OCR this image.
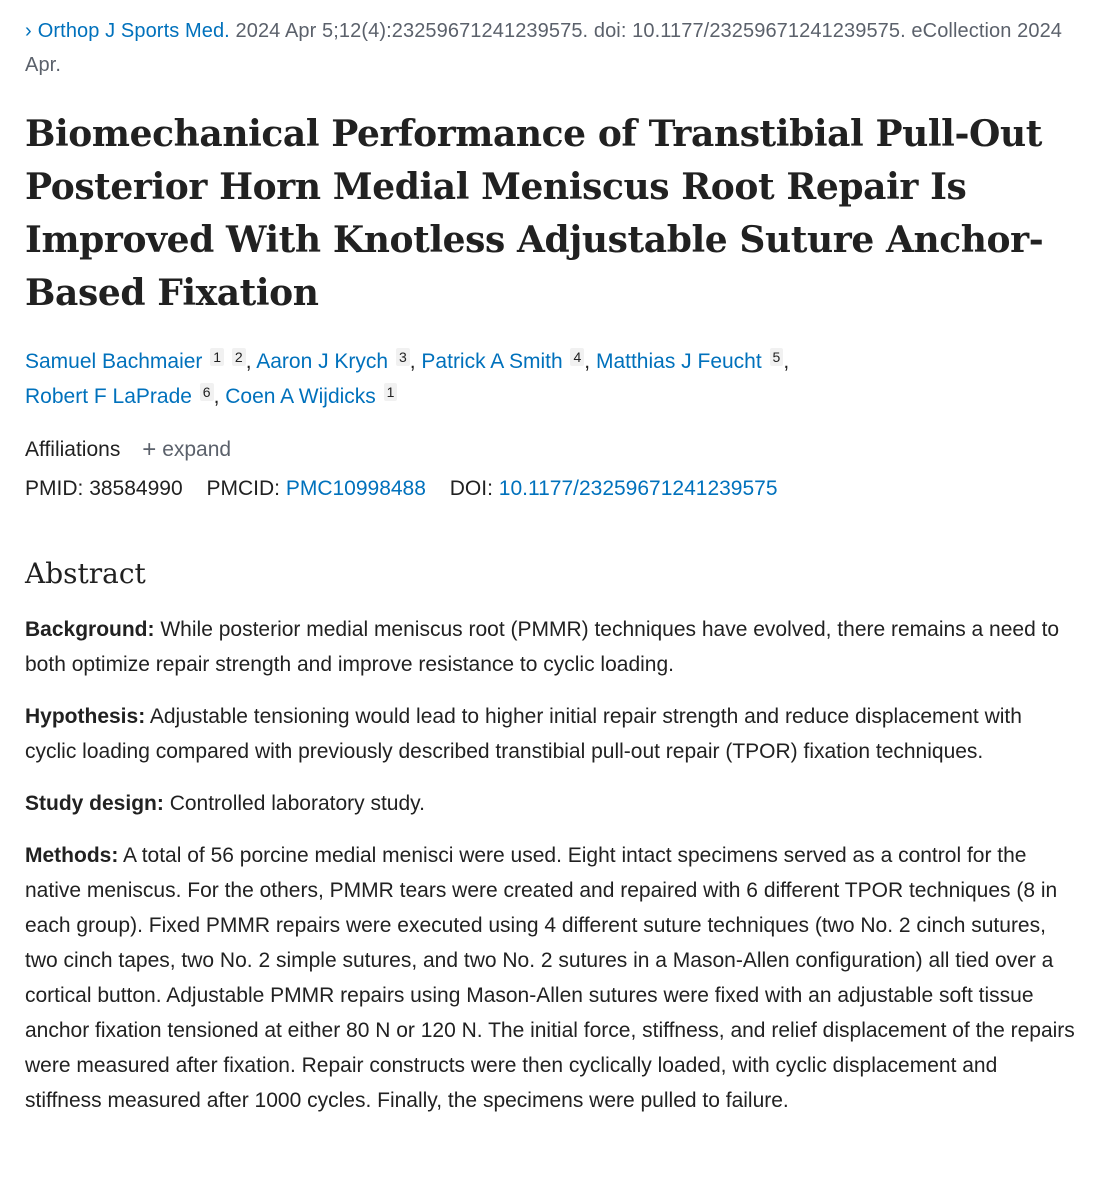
› Orthop J Sports Med. 2024 Apr 5;12(4):23259671241239575. doi: 10.1177/23259671241239575. eCollection 2024 Apr.
Biomechanical Performance of Transtibial Pull-Out Posterior Horn Medial Meniscus Root Repair Is Improved With Knotless Adjustable Suture Anchor-Based Fixation
Samuel Bachmaier 1 2 , Aaron J Krych 3 , Patrick A Smith 4 , Matthias J Feucht 5 ,
Robert F LaPrade 6 , Coen A Wijdicks 1
Affiliations + expand
PMID: 38584990 PMCID: PMC10998488 DOI: 10.1177/23259671241239575
Abstract

Background: While posterior medial meniscus root (PMMR) techniques have evolved, there remains a need to both optimize repair strength and improve resistance to cyclic loading.

Hypothesis: Adjustable tensioning would lead to higher initial repair strength and reduce displacement with cyclic loading compared with previously described transtibial pull-out repair (TPOR) fixation techniques.

Study design: Controlled laboratory study.

Methods: A total of 56 porcine medial menisci were used. Eight intact specimens served as a control for the native meniscus. For the others, PMMR tears were created and repaired with 6 different TPOR techniques (8 in each group). Fixed PMMR repairs were executed using 4 different suture techniques (two No. 2 cinch sutures, two cinch tapes, two No. 2 simple sutures, and two No. 2 sutures in a Mason-Allen configuration) all tied over a cortical button. Adjustable PMMR repairs using Mason-Allen sutures were fixed with an adjustable soft tissue anchor fixation tensioned at either 80 N or 120 N. The initial force, stiffness, and relief displacement of the repairs were measured after fixation. Repair constructs were then cyclically loaded, with cyclic displacement and stiffness measured after 1000 cycles. Finally, the specimens were pulled to failure.
